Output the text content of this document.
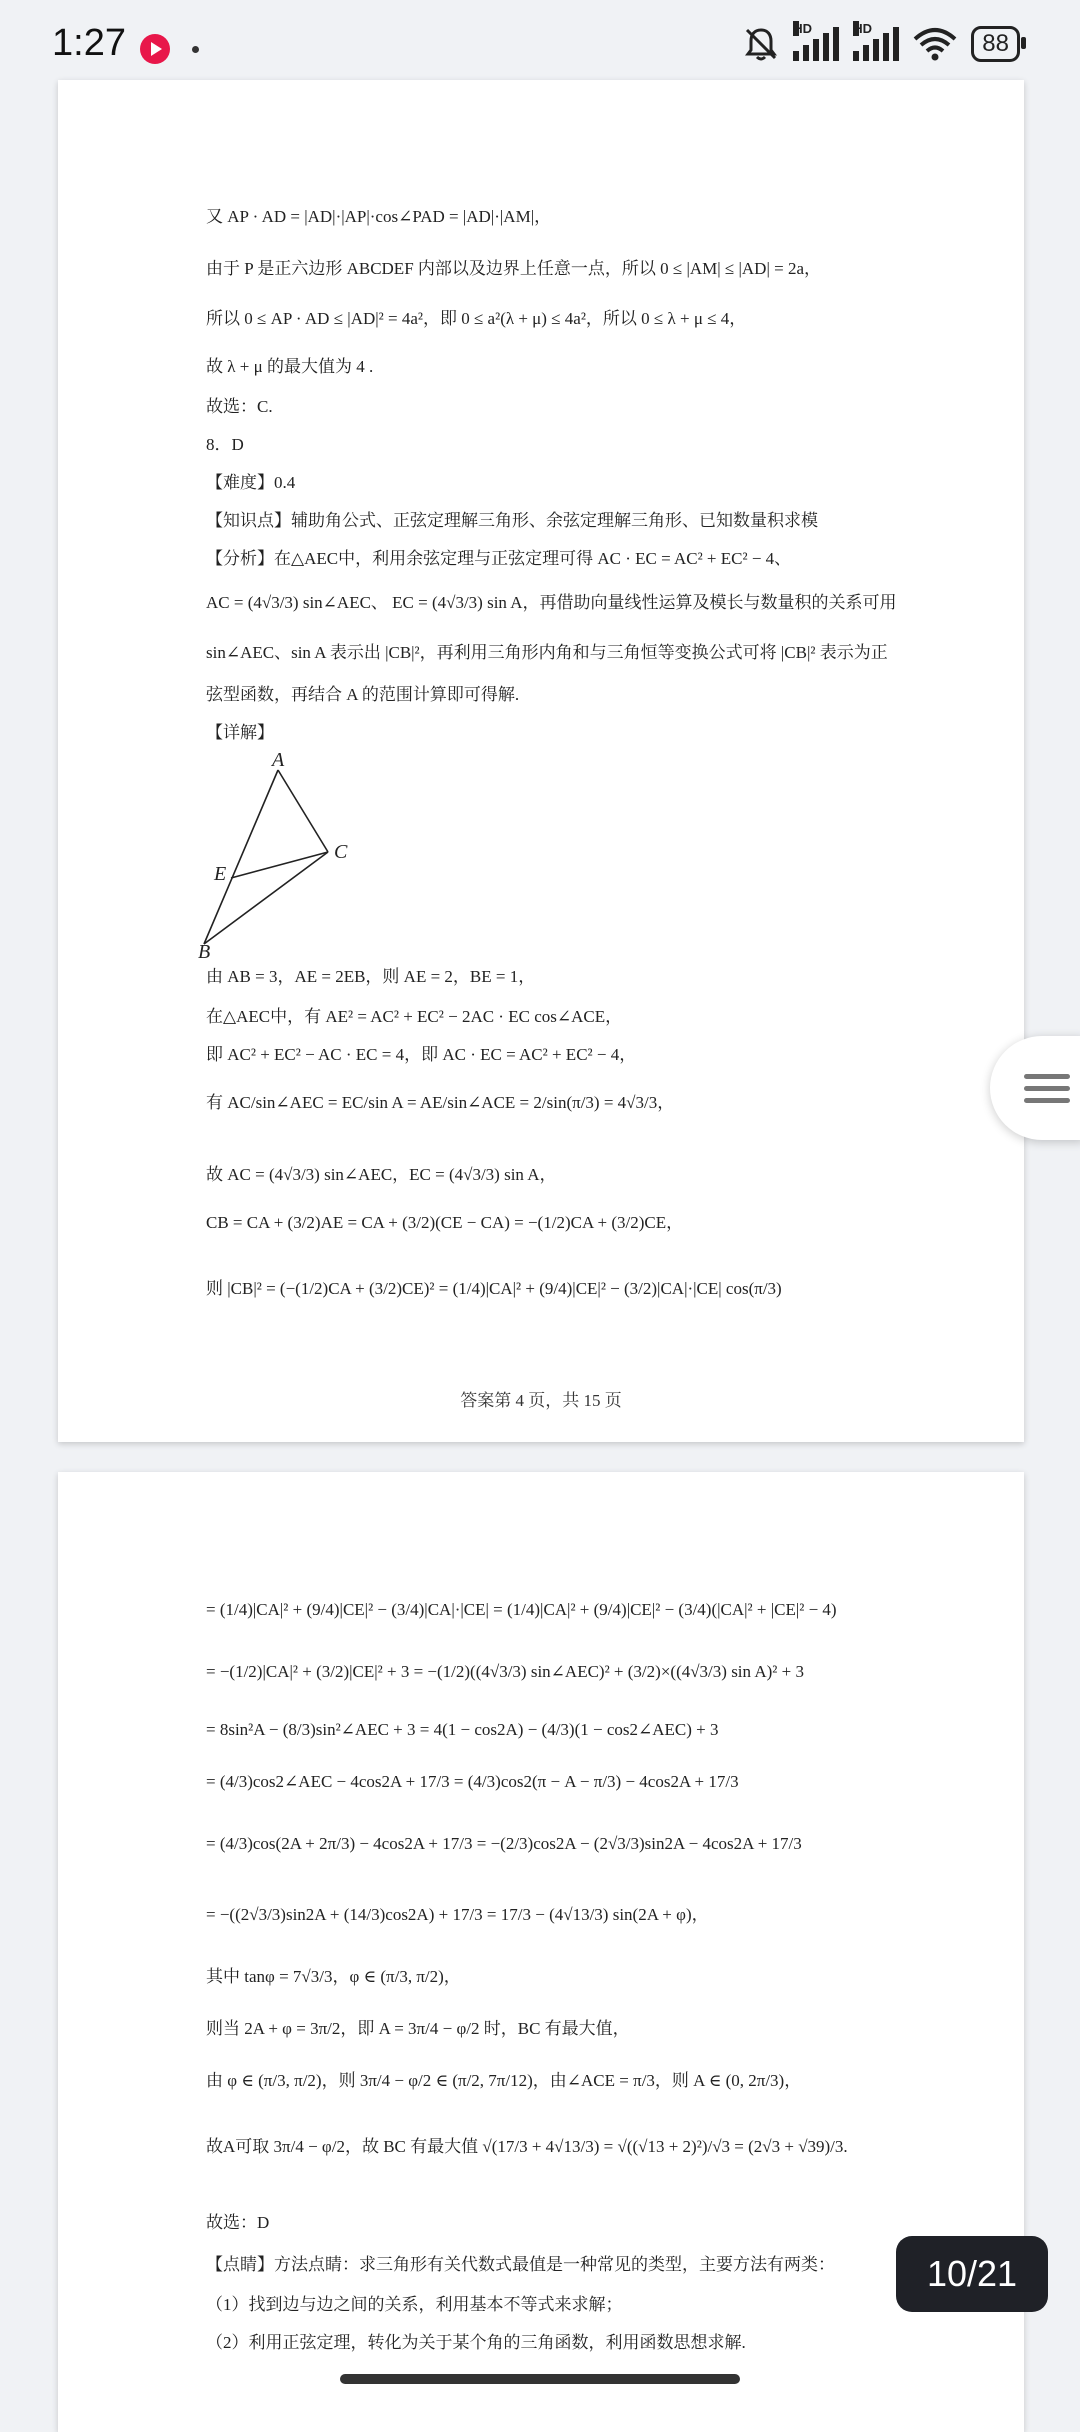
1:27	HD	HD
88
又 AP · AD = |AD|·|AP|·cos∠PAD = |AD|·|AM|，
由于 P 是正六边形 ABCDEF 内部以及边界上任意一点，所以 0 ≤ |AM| ≤ |AD| = 2a，
所以 0 ≤ AP · AD ≤ |AD|² = 4a²，即 0 ≤ a²(λ + μ) ≤ 4a²，所以 0 ≤ λ + μ ≤ 4，
故 λ + μ 的最大值为 4 .
故选：C.
8．D
【难度】0.4
【知识点】辅助角公式、正弦定理解三角形、余弦定理解三角形、已知数量积求模
【分析】在△AEC中，利用余弦定理与正弦定理可得 AC · EC = AC² + EC² − 4、
AC = (4√3/3) sin∠AEC、 EC = (4√3/3) sin A，再借助向量线性运算及模长与数量积的关系可用
sin∠AEC、sin A 表示出 |CB|²，再利用三角形内角和与三角恒等变换公式可将 |CB|² 表示为正
弦型函数，再结合 A 的范围计算即可得解.
【详解】
A
C
E
B
由 AB = 3，AE = 2EB，则 AE = 2，BE = 1，
在△AEC中，有 AE² = AC² + EC² − 2AC · EC cos∠ACE，
即 AC² + EC² − AC · EC = 4，即 AC · EC = AC² + EC² − 4，
有 AC/sin∠AEC = EC/sin A = AE/sin∠ACE = 2/sin(π/3) = 4√3/3，
故 AC = (4√3/3) sin∠AEC，EC = (4√3/3) sin A，
CB = CA + (3/2)AE = CA + (3/2)(CE − CA) = −(1/2)CA + (3/2)CE，
则 |CB|² = (−(1/2)CA + (3/2)CE)² = (1/4)|CA|² + (9/4)|CE|² − (3/2)|CA|·|CE| cos(π/3)
答案第 4 页，共 15 页
= (1/4)|CA|² + (9/4)|CE|² − (3/4)|CA|·|CE| = (1/4)|CA|² + (9/4)|CE|² − (3/4)(|CA|² + |CE|² − 4)
= −(1/2)|CA|² + (3/2)|CE|² + 3 = −(1/2)((4√3/3) sin∠AEC)² + (3/2)×((4√3/3) sin A)² + 3
= 8sin²A − (8/3)sin²∠AEC + 3 = 4(1 − cos2A) − (4/3)(1 − cos2∠AEC) + 3
= (4/3)cos2∠AEC − 4cos2A + 17/3 = (4/3)cos2(π − A − π/3) − 4cos2A + 17/3
= (4/3)cos(2A + 2π/3) − 4cos2A + 17/3 = −(2/3)cos2A − (2√3/3)sin2A − 4cos2A + 17/3
= −((2√3/3)sin2A + (14/3)cos2A) + 17/3 = 17/3 − (4√13/3) sin(2A + φ)，
其中 tanφ = 7√3/3，φ ∈ (π/3, π/2)，
则当 2A + φ = 3π/2，即 A = 3π/4 − φ/2 时，BC 有最大值，
由 φ ∈ (π/3, π/2)，则 3π/4 − φ/2 ∈ (π/2, 7π/12)，由∠ACE = π/3，则 A ∈ (0, 2π/3)，
故A可取 3π/4 − φ/2，故 BC 有最大值 √(17/3 + 4√13/3) = √((√13 + 2)²)/√3 = (2√3 + √39)/3.
故选：D
【点睛】方法点睛：求三角形有关代数式最值是一种常见的类型，主要方法有两类：
（1）找到边与边之间的关系，利用基本不等式来求解；
（2）利用正弦定理，转化为关于某个角的三角函数，利用函数思想求解.
10/21
